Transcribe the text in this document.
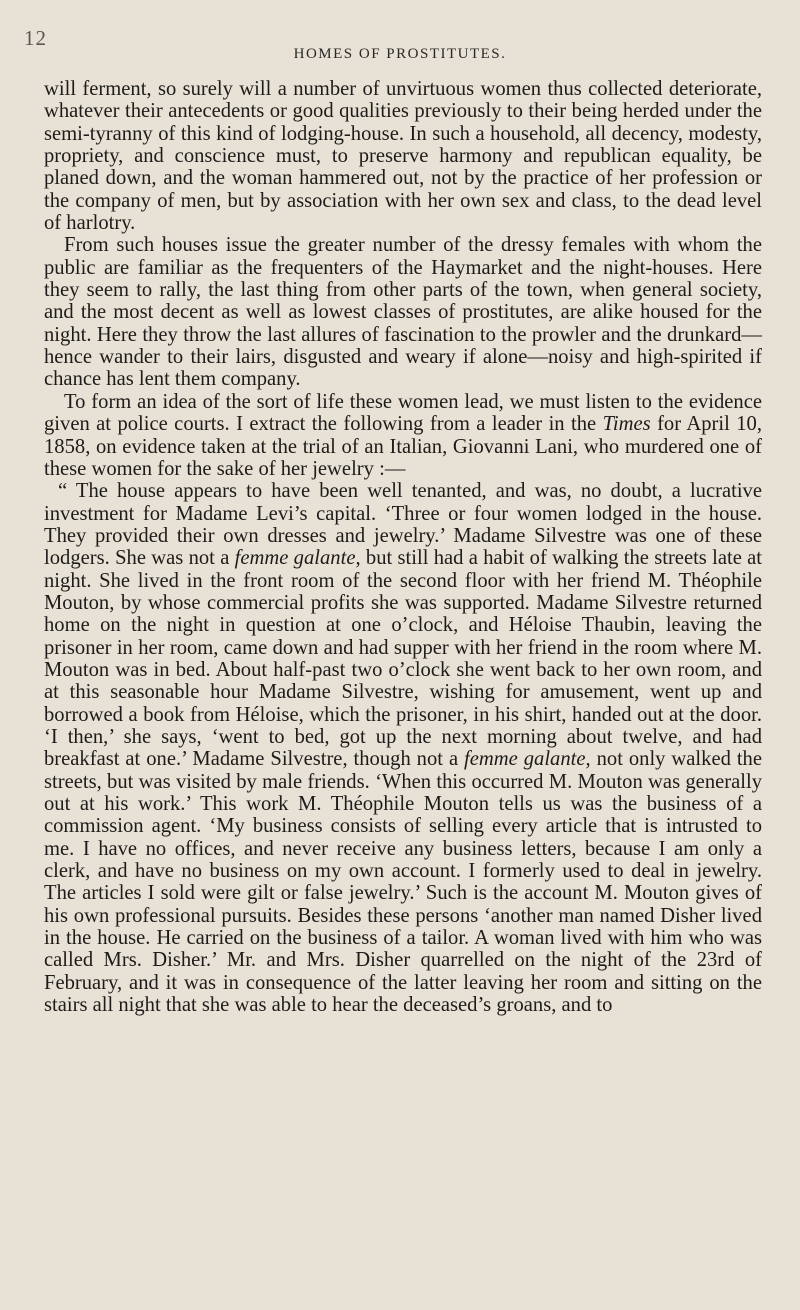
12
HOMES OF PROSTITUTES.

will ferment, so surely will a number of unvirtuous women thus collected deteriorate, whatever their antecedents or good qualities previously to their being herded under the semi-tyranny of this kind of lodging-house. In such a household, all decency, modesty, propriety, and conscience must, to preserve harmony and republican equality, be planed down, and the woman hammered out, not by the practice of her profession or the company of men, but by association with her own sex and class, to the dead level of harlotry.

From such houses issue the greater number of the dressy females with whom the public are familiar as the frequenters of the Haymarket and the night-houses. Here they seem to rally, the last thing from other parts of the town, when general society, and the most decent as well as lowest classes of prostitutes, are alike housed for the night. Here they throw the last allures of fascination to the prowler and the drunkard—hence wander to their lairs, disgusted and weary if alone—noisy and high-spirited if chance has lent them company.

To form an idea of the sort of life these women lead, we must listen to the evidence given at police courts. I extract the following from a leader in the Times for April 10, 1858, on evidence taken at the trial of an Italian, Giovanni Lani, who murdered one of these women for the sake of her jewelry :—

“ The house appears to have been well tenanted, and was, no doubt, a lucrative investment for Madame Levi’s capital. ‘Three or four women lodged in the house. They provided their own dresses and jewelry.’ Madame Silvestre was one of these lodgers. She was not a femme galante, but still had a habit of walking the streets late at night. She lived in the front room of the second floor with her friend M. Théophile Mouton, by whose commercial profits she was supported. Madame Silvestre returned home on the night in question at one o’clock, and Héloise Thaubin, leaving the prisoner in her room, came down and had supper with her friend in the room where M. Mouton was in bed. About half-past two o’clock she went back to her own room, and at this seasonable hour Madame Silvestre, wishing for amusement, went up and borrowed a book from Héloise, which the prisoner, in his shirt, handed out at the door. ‘I then,’ she says, ‘went to bed, got up the next morning about twelve, and had breakfast at one.’ Madame Silvestre, though not a femme galante, not only walked the streets, but was visited by male friends. ‘When this occurred M. Mouton was generally out at his work.’ This work M. Théophile Mouton tells us was the business of a commission agent. ‘My business consists of selling every article that is intrusted to me. I have no offices, and never receive any business letters, because I am only a clerk, and have no business on my own account. I formerly used to deal in jewelry. The articles I sold were gilt or false jewelry.’ Such is the account M. Mouton gives of his own professional pursuits. Besides these persons ‘another man named Disher lived in the house. He carried on the business of a tailor. A woman lived with him who was called Mrs. Disher.’ Mr. and Mrs. Disher quarrelled on the night of the 23rd of February, and it was in consequence of the latter leaving her room and sitting on the stairs all night that she was able to hear the deceased’s groans, and to
